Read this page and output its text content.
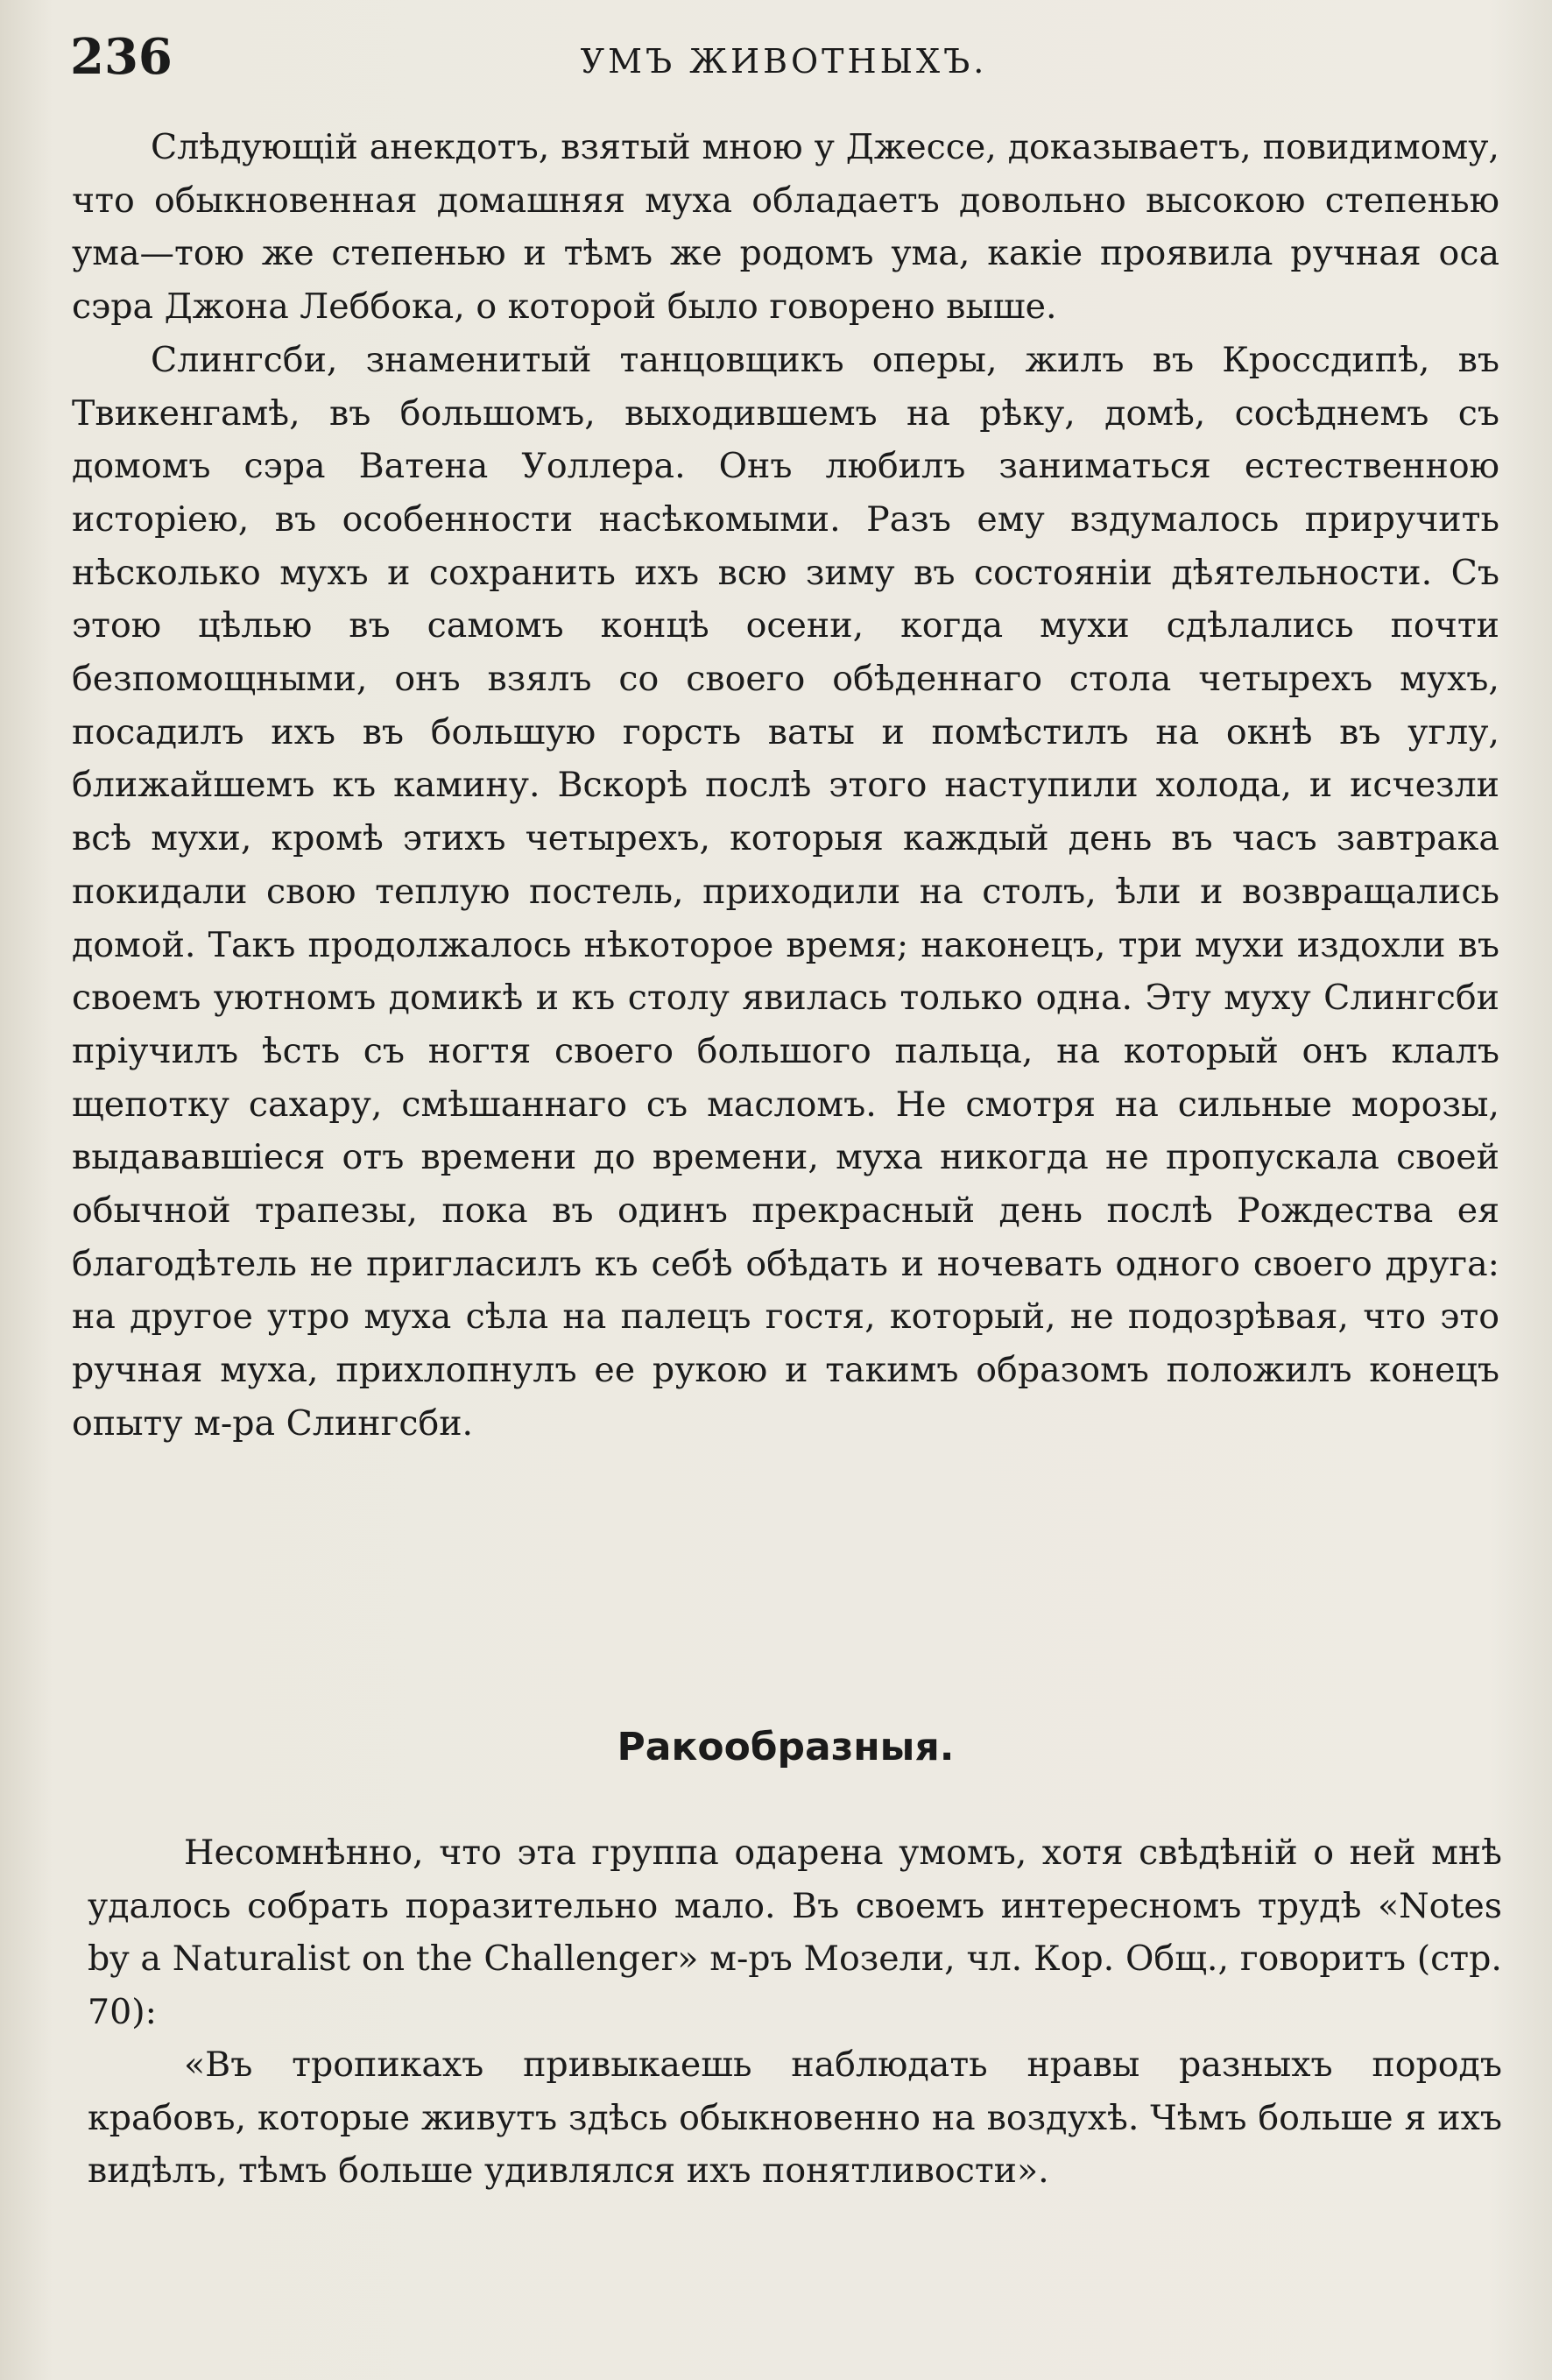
236	УМЪ ЖИВОТНЫХЪ.

Слѣдующій анекдотъ, взятый мною у Джессе, доказываетъ, повидимому, что обыкновенная домашняя муха обладаетъ довольно высокою степенью ума—тою же степенью и тѣмъ же родомъ ума, какіе проявила ручная оса сэра Джона Леббока, о которой было говорено выше.

Слингсби, знаменитый танцовщикъ оперы, жилъ въ Кроссдипѣ, въ Твикенгамѣ, въ большомъ, выходившемъ на рѣку, домѣ, сосѣднемъ съ домомъ сэра Ватена Уоллера. Онъ любилъ заниматься естественною исторіею, въ особенности насѣкомыми. Разъ ему вздумалось приручить нѣсколько мухъ и сохранить ихъ всю зиму въ состояніи дѣятельности. Съ этою цѣлью въ самомъ концѣ осени, когда мухи сдѣлались почти безпомощными, онъ взялъ со своего обѣденнаго стола четырехъ мухъ, посадилъ ихъ въ большую горсть ваты и помѣстилъ на окнѣ въ углу, ближайшемъ къ камину. Вскорѣ послѣ этого наступили холода, и исчезли всѣ мухи, кромѣ этихъ четырехъ, которыя каждый день въ часъ завтрака покидали свою теплую постель, приходили на столъ, ѣли и возвращались домой. Такъ продолжалось нѣкоторое время; наконецъ, три мухи издохли въ своемъ уютномъ домикѣ и къ столу явилась только одна. Эту муху Слингсби пріучилъ ѣсть съ ногтя своего большого пальца, на который онъ клалъ щепотку сахару, смѣшаннаго съ масломъ. Не смотря на сильные морозы, выдававшіеся отъ времени до времени, муха никогда не пропускала своей обычной трапезы, пока въ одинъ прекрасный день послѣ Рождества ея благодѣтель не пригласилъ къ себѣ обѣдать и ночевать одного своего друга: на другое утро муха сѣла на палецъ гостя, который, не подозрѣвая, что это ручная муха, прихлопнулъ ее рукою и такимъ образомъ положилъ конецъ опыту м-ра Слингсби.

Ракообразныя.

Несомнѣнно, что эта группа одарена умомъ, хотя свѣдѣній о ней мнѣ удалось собрать поразительно мало. Въ своемъ интересномъ трудѣ «Notes by a Naturalist on the Challenger» м-ръ Мозели, чл. Кор. Общ., говоритъ (стр. 70):

«Въ тропикахъ привыкаешь наблюдать нравы разныхъ породъ крабовъ, которые живутъ здѣсь обыкновенно на воздухѣ. Чѣмъ больше я ихъ видѣлъ, тѣмъ больше удивлялся ихъ понятливости».
